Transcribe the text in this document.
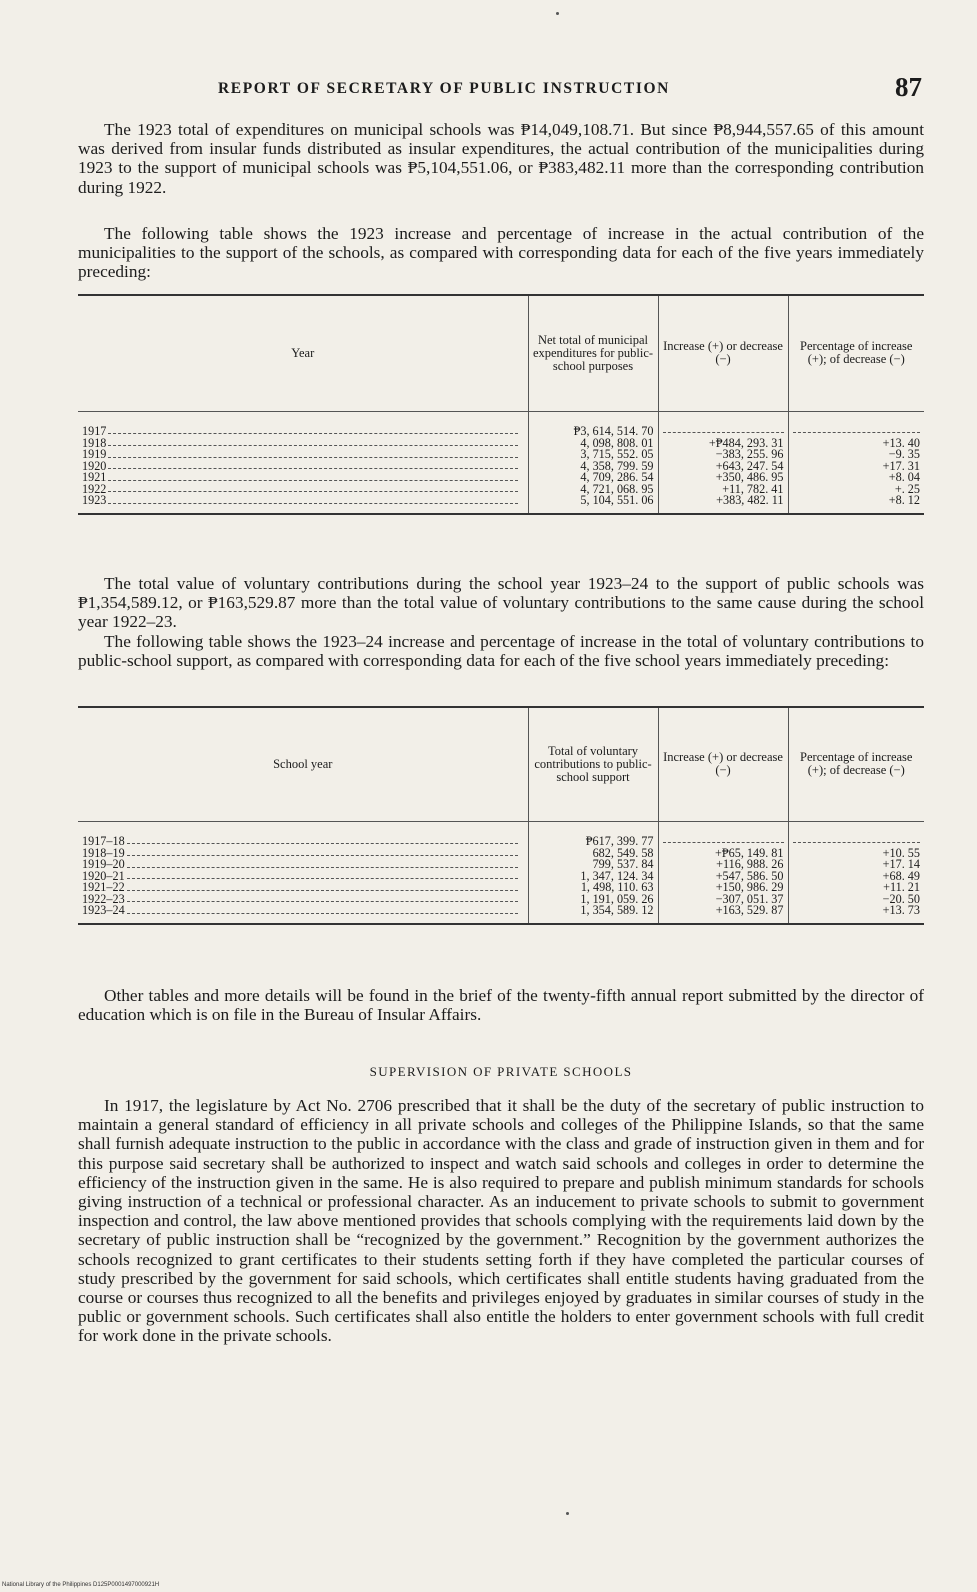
REPORT OF SECRETARY OF PUBLIC INSTRUCTION	87

The 1923 total of expenditures on municipal schools was ₱14,049,108.71. But since ₱8,944,557.65 of this amount was derived from insular funds distributed as insular expenditures, the actual contribution of the municipalities during 1923 to the support of municipal schools was ₱5,104,551.06, or ₱383,482.11 more than the corresponding contribution during 1922.

The following table shows the 1923 increase and percentage of increase in the actual contribution of the municipalities to the support of the schools, as compared with corresponding data for each of the five years immediately preceding:

Year	Net total of municipal expenditures for public-school purposes	Increase (+) or decrease (−)	Percentage of increase (+); of decrease (−)

1917	₱3, 614, 514. 70	

1918	4, 098, 808. 01	+₱484, 293. 31	+13. 40

1919	3, 715, 552. 05	−383, 255. 96	−9. 35

1920	4, 358, 799. 59	+643, 247. 54	+17. 31

1921	4, 709, 286. 54	+350, 486. 95	+8. 04

1922	4, 721, 068. 95	+11, 782. 41	+. 25

1923	5, 104, 551. 06	+383, 482. 11	+8. 12

The total value of voluntary contributions during the school year 1923–24 to the support of public schools was ₱1,354,589.12, or ₱163,529.87 more than the total value of voluntary contributions to the same cause during the school year 1922–23.

The following table shows the 1923–24 increase and percentage of increase in the total of voluntary contributions to public-school support, as compared with corresponding data for each of the five school years immediately preceding:

School year	Total of voluntary contributions to public-school support	Increase (+) or decrease (−)	Percentage of increase (+); of decrease (−)

1917–18	₱617, 399. 77	

1918–19	682, 549. 58	+₱65, 149. 81	+10. 55

1919–20	799, 537. 84	+116, 988. 26	+17. 14

1920–21	1, 347, 124. 34	+547, 586. 50	+68. 49

1921–22	1, 498, 110. 63	+150, 986. 29	+11. 21

1922–23	1, 191, 059. 26	−307, 051. 37	−20. 50

1923–24	1, 354, 589. 12	+163, 529. 87	+13. 73

Other tables and more details will be found in the brief of the twenty-fifth annual report submitted by the director of education which is on file in the Bureau of Insular Affairs.

SUPERVISION OF PRIVATE SCHOOLS

In 1917, the legislature by Act No. 2706 prescribed that it shall be the duty of the secretary of public instruction to maintain a general standard of efficiency in all private schools and colleges of the Philippine Islands, so that the same shall furnish adequate instruction to the public in accordance with the class and grade of instruction given in them and for this purpose said secretary shall be authorized to inspect and watch said schools and colleges in order to determine the efficiency of the instruction given in the same. He is also required to prepare and publish minimum standards for schools giving instruction of a technical or professional character. As an inducement to private schools to submit to government inspection and control, the law above mentioned provides that schools complying with the requirements laid down by the secretary of public instruction shall be “recognized by the government.” Recognition by the government authorizes the schools recognized to grant certificates to their students setting forth if they have completed the particular courses of study prescribed by the government for said schools, which certificates shall entitle students having graduated from the course or courses thus recognized to all the benefits and privileges enjoyed by graduates in similar courses of study in the public or government schools. Such certificates shall also entitle the holders to enter government schools with full credit for work done in the private schools.

National Library of the Philippines D125P0001497000921H
